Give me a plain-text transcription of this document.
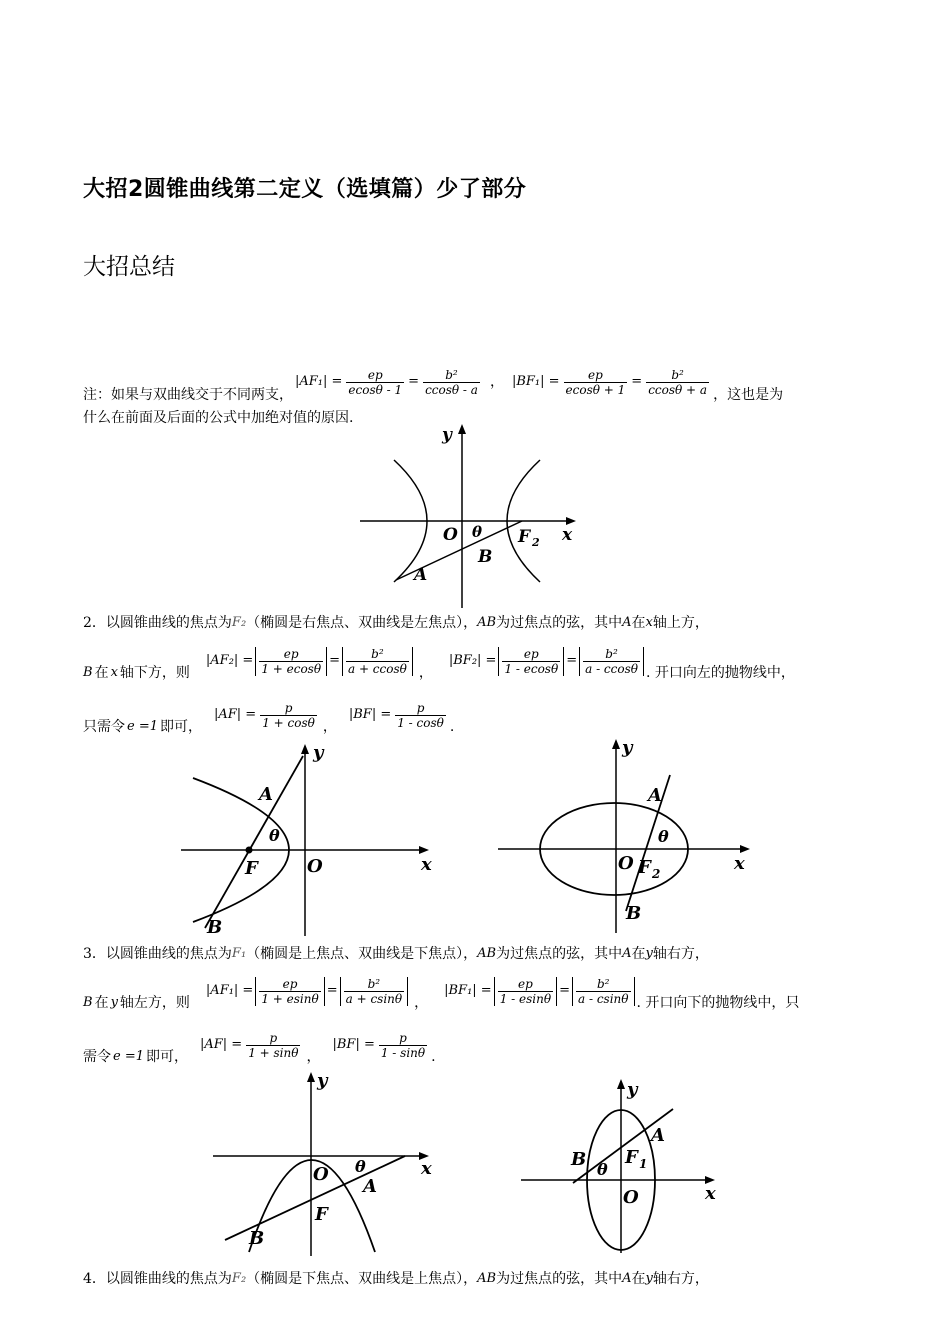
大招2圆锥曲线第二定义（选填篇）少了部分
大招总结
注：如果与双曲线交于不同两支，
$|AF_1| = \frac{ep}{ecos\theta - 1} = \frac{\text{b²}}{ccos\theta - a}$ ， $|BF_1| = \frac{ep}{ecos\theta + 1} = \frac{\text{b²}}{ccos\theta + a}$ ，这也是为
什么在前面及后面的公式中加绝对值的原因.
y
x
O θ F 2
A
B
2．以圆锥曲线的焦点为 F₂ （椭圆是右焦点、双曲线是左焦点）， AB 为过焦点的弦，其中 A 在 x 轴上方，
B 在 x 轴下方，则
$|AF_2| = \frac{ep}{1 + ecos\theta} = \frac{\text{b²}}{a + ccos\theta}$ ，
$|BF_2| = \frac{ep}{1 - ecos\theta} = \frac{\text{b²}}{a - ccos\theta}$ . 开口向左的抛物线中，
只需令 e =1 即可，
$|AF| = \frac{p}{1 + \cos\theta}$ ，
$|BF| = \frac{p}{1 - \cos\theta}$ .
y
x
A
θ
F	O
B
y
x
A
θ
O F 2
B
3．以圆锥曲线的焦点为 F₁ （椭圆是上焦点、双曲线是下焦点）， AB 为过焦点的弦，其中 A 在 y 轴右方，
B 在 y 轴左方，则
$|AF_1| = \frac{ep}{1 + esin\theta} = \frac{\text{b²}}{a + csin\theta}$ ，
$|BF_1| = \frac{ep}{1 - esin\theta} = \frac{\text{b²}}{a - csin\theta}$ . 开口向下的抛物线中，只
需令 e =1 即可，
$|AF| = \frac{p}{1 + \sin\theta}$ ，
$|BF| = \frac{p}{1 - \sin\theta}$ .
y
x
O θ
A
F
B
y
x
A
B θ
F 1
O
4．以圆锥曲线的焦点为 F₂ （椭圆是下焦点、双曲线是上焦点）， AB 为过焦点的弦，其中 A 在 y 轴右方，
